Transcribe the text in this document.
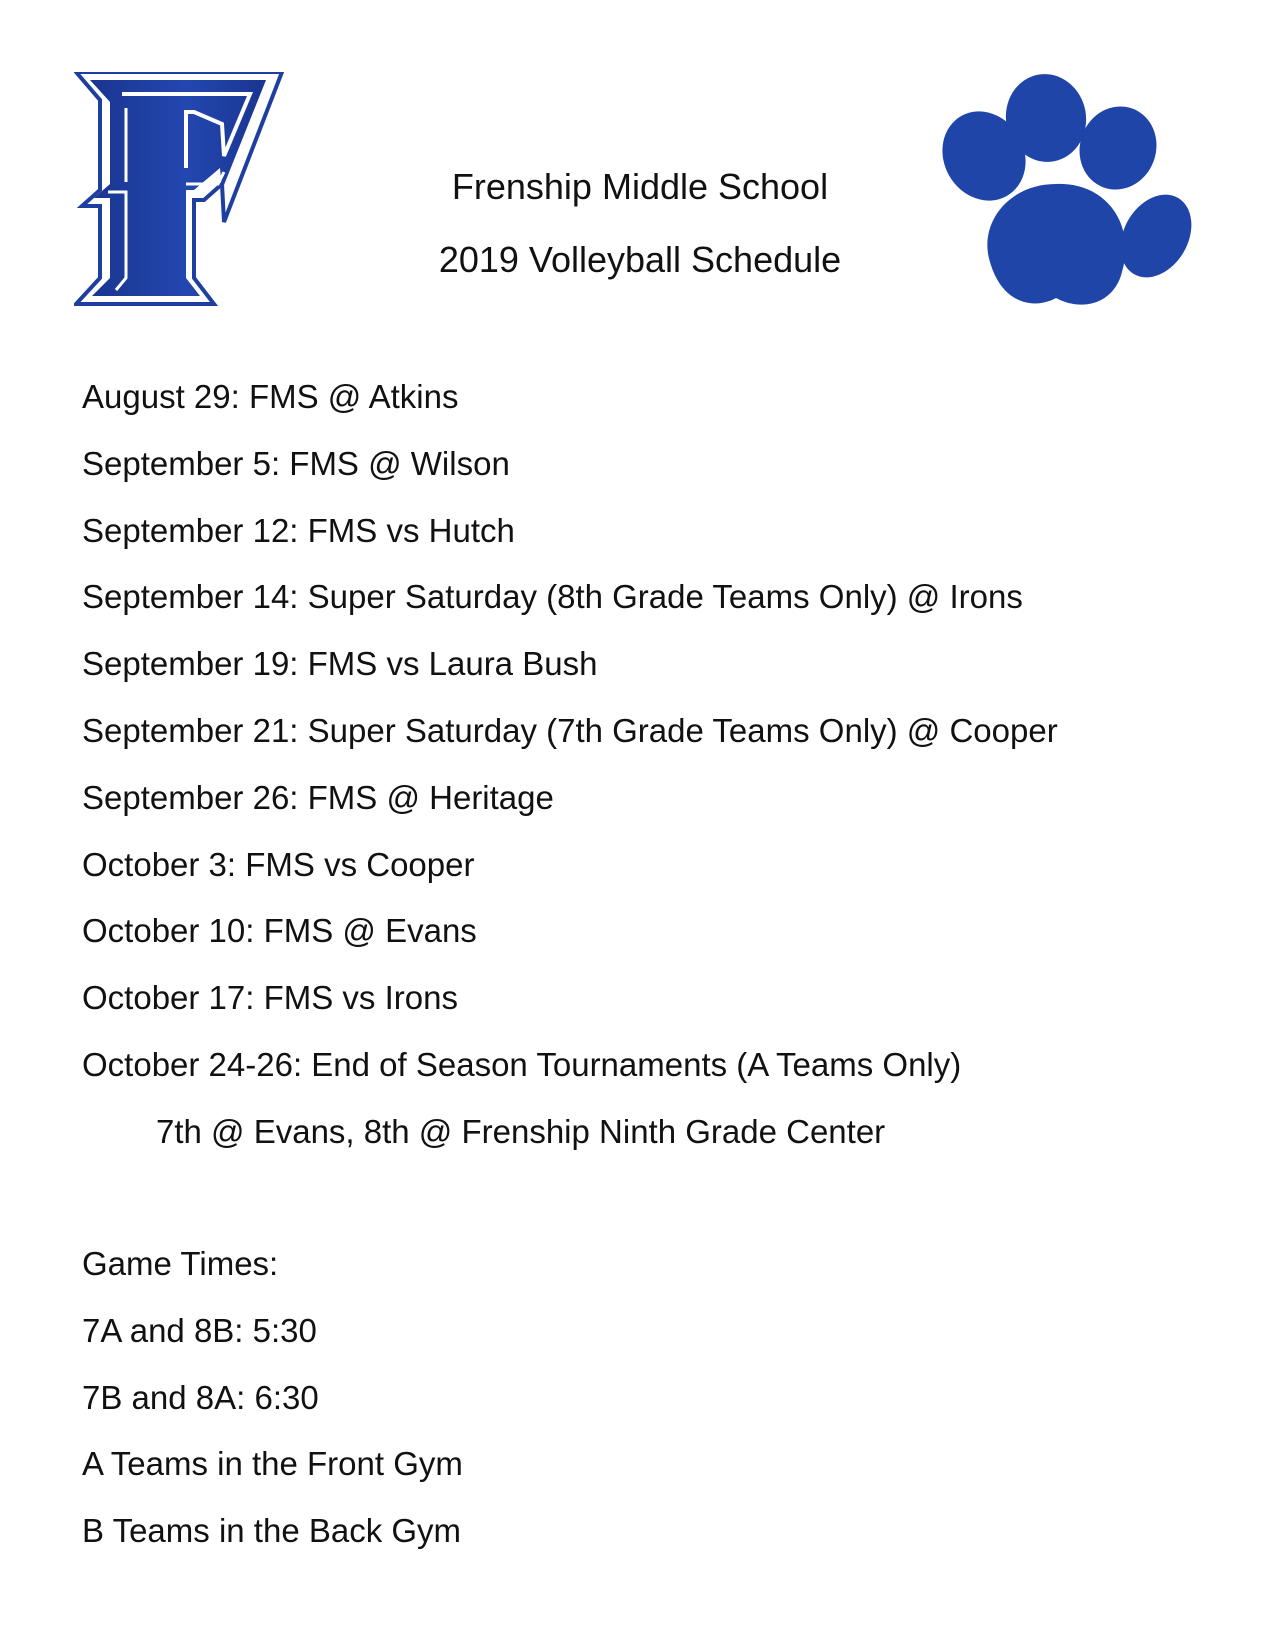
Frenship Middle School
2019 Volleyball Schedule
August 29: FMS @ Atkins
September 5: FMS @ Wilson
September 12: FMS vs Hutch
September 14: Super Saturday (8th Grade Teams Only) @ Irons
September 19: FMS vs Laura Bush
September 21: Super Saturday (7th Grade Teams Only) @ Cooper
September 26: FMS @ Heritage
October 3: FMS vs Cooper
October 10: FMS @ Evans
October 17: FMS vs Irons
October 24-26: End of Season Tournaments (A Teams Only)
7th @ Evans, 8th @ Frenship Ninth Grade Center
Game Times:
7A and 8B: 5:30
7B and 8A: 6:30
A Teams in the Front Gym
B Teams in the Back Gym
